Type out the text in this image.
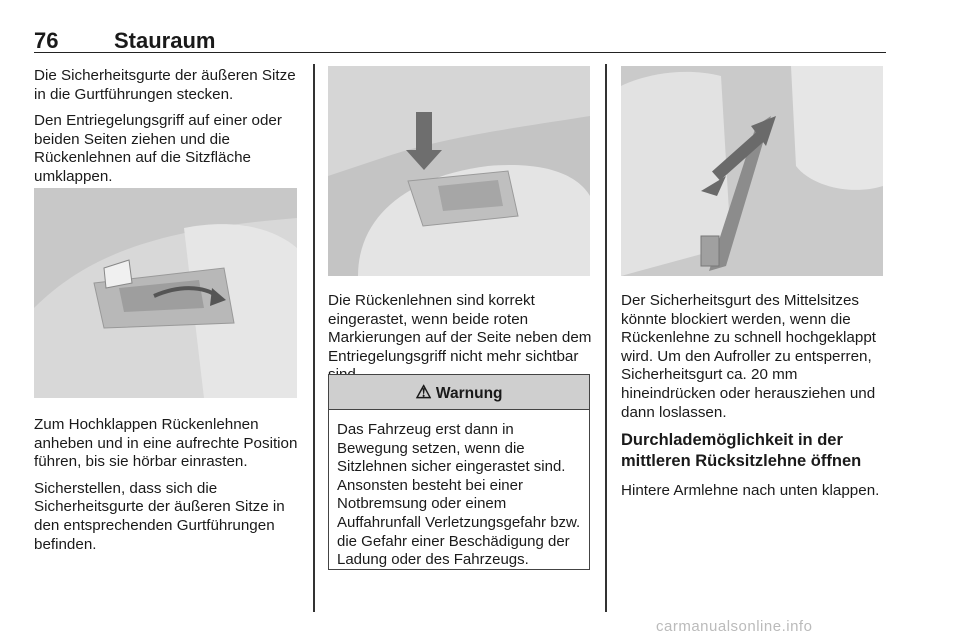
76	Stauraum

Die Sicherheitsgurte der äußeren Sitze in die Gurtführungen stecken.

Den Entriegelungsgriff auf einer oder beiden Seiten ziehen und die Rückenlehnen auf die Sitzfläche umklappen.

Zum Hochklappen Rückenlehnen anheben und in eine aufrechte Position führen, bis sie hörbar einrasten.

Sicherstellen, dass sich die Sicherheitsgurte der äußeren Sitze in den entsprechenden Gurtführungen befinden.

Die Rückenlehnen sind korrekt eingerastet, wenn beide roten Markierungen auf der Seite neben dem Entriegelungsgriff nicht mehr sichtbar

⚠ Warnung
Das Fahrzeug erst dann in Bewegung setzen, wenn die Sitzlehnen sicher eingerastet sind. Ansonsten besteht bei einer Notbremsung oder einem Auffahrunfall Verletzungsgefahr bzw. die Gefahr einer Beschädigung der Ladung oder des Fahrzeugs.

Der Sicherheitsgurt des Mittelsitzes könnte blockiert werden, wenn die Rückenlehne zu schnell hochgeklappt wird. Um den Aufroller zu entsperren, Sicherheitsgurt ca. 20 mm hineindrücken oder herausziehen und dann loslassen.

Durchlademöglichkeit in der mittleren Rücksitzlehne öffnen

Hintere Armlehne nach unten klappen.

carmanualsonline.info
